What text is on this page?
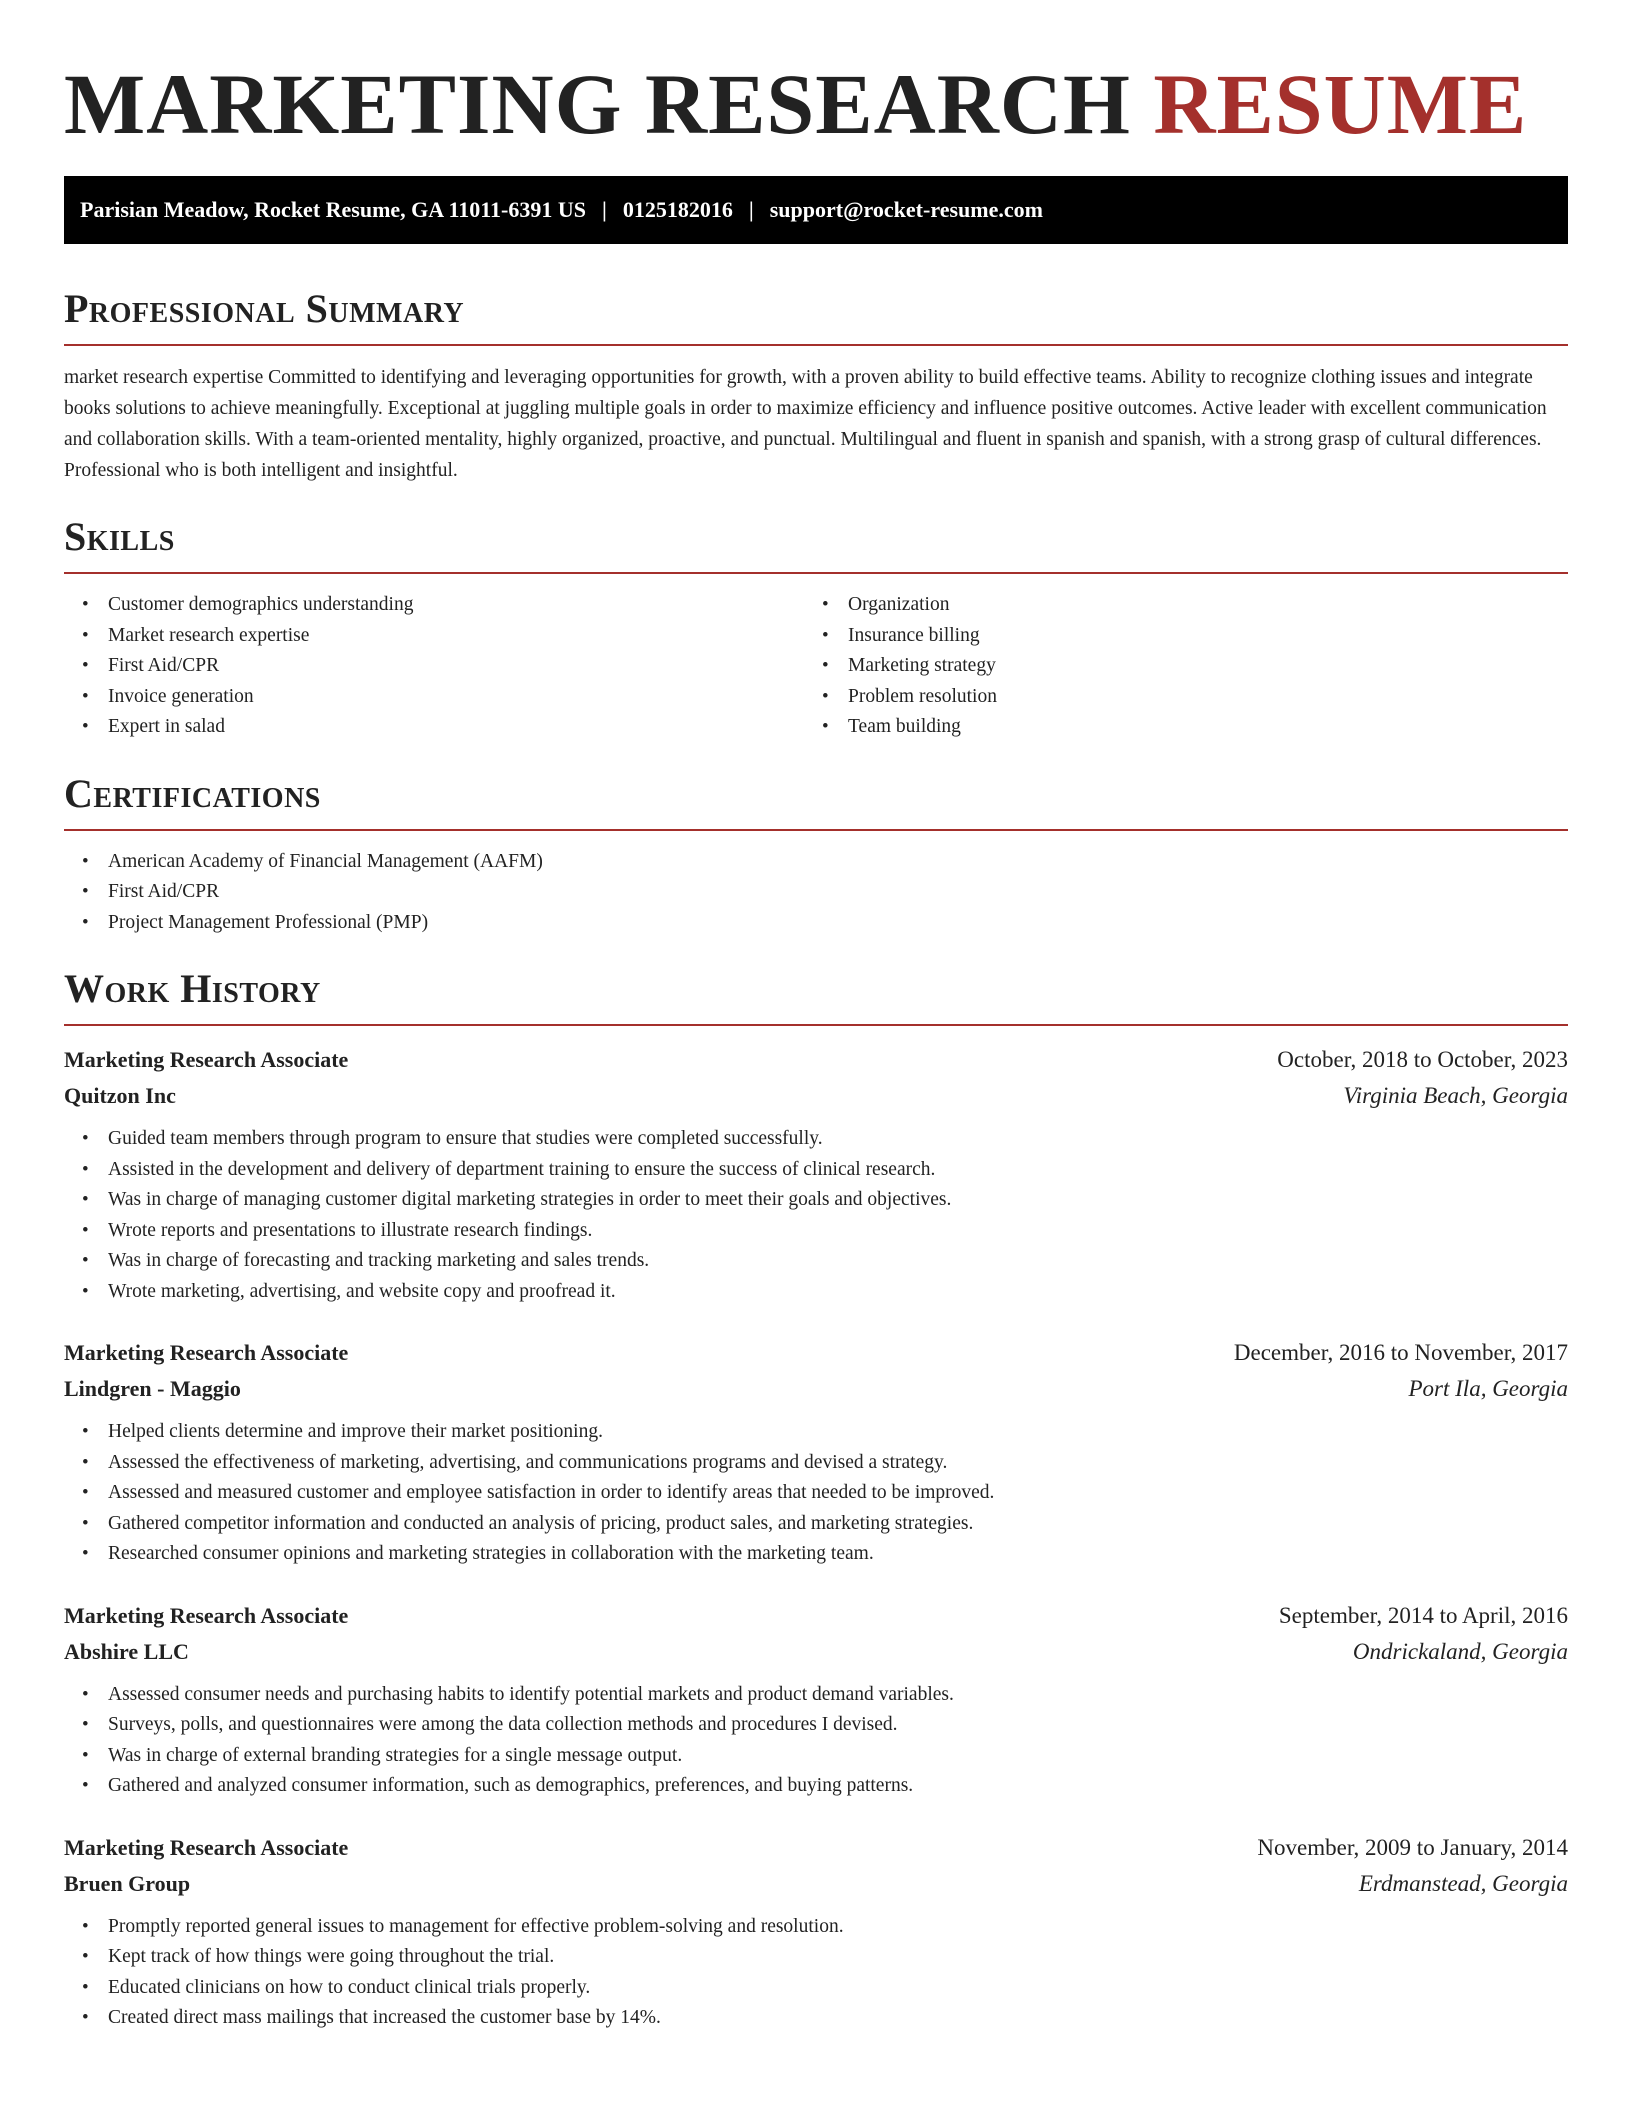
MARKETING RESEARCH RESUME
Parisian Meadow, Rocket Resume, GA 11011-6391 US | 0125182016 | support@rocket-resume.com
Professional Summary

market research expertise Committed to identifying and leveraging opportunities for growth, with a proven ability to build effective teams. Ability to recognize clothing issues and integrate books solutions to achieve meaningfully. Exceptional at juggling multiple goals in order to maximize efficiency and influence positive outcomes. Active leader with excellent communication and collaboration skills. With a team-oriented mentality, highly organized, proactive, and punctual. Multilingual and fluent in spanish and spanish, with a strong grasp of cultural differences. Professional who is both intelligent and insightful.

Skills
• Customer demographics understanding
• Market research expertise
• First Aid/CPR
• Invoice generation
• Expert in salad
• Organization
• Insurance billing
• Marketing strategy
• Problem resolution
• Team building
Certifications
• American Academy of Financial Management (AAFM)
• First Aid/CPR
• Project Management Professional (PMP)
Work History
Marketing Research Associate	October, 2018 to October, 2023
Quitzon Inc	Virginia Beach, Georgia
• Guided team members through program to ensure that studies were completed successfully.
• Assisted in the development and delivery of department training to ensure the success of clinical research.
• Was in charge of managing customer digital marketing strategies in order to meet their goals and objectives.
• Wrote reports and presentations to illustrate research findings.
• Was in charge of forecasting and tracking marketing and sales trends.
• Wrote marketing, advertising, and website copy and proofread it.
Marketing Research Associate	December, 2016 to November, 2017
Lindgren - Maggio	Port Ila, Georgia
• Helped clients determine and improve their market positioning.
• Assessed the effectiveness of marketing, advertising, and communications programs and devised a strategy.
• Assessed and measured customer and employee satisfaction in order to identify areas that needed to be improved.
• Gathered competitor information and conducted an analysis of pricing, product sales, and marketing strategies.
• Researched consumer opinions and marketing strategies in collaboration with the marketing team.
Marketing Research Associate	September, 2014 to April, 2016
Abshire LLC	Ondrickaland, Georgia
• Assessed consumer needs and purchasing habits to identify potential markets and product demand variables.
• Surveys, polls, and questionnaires were among the data collection methods and procedures I devised.
• Was in charge of external branding strategies for a single message output.
• Gathered and analyzed consumer information, such as demographics, preferences, and buying patterns.
Marketing Research Associate	November, 2009 to January, 2014
Bruen Group	Erdmanstead, Georgia
• Promptly reported general issues to management for effective problem-solving and resolution.
• Kept track of how things were going throughout the trial.
• Educated clinicians on how to conduct clinical trials properly.
• Created direct mass mailings that increased the customer base by 14%.
